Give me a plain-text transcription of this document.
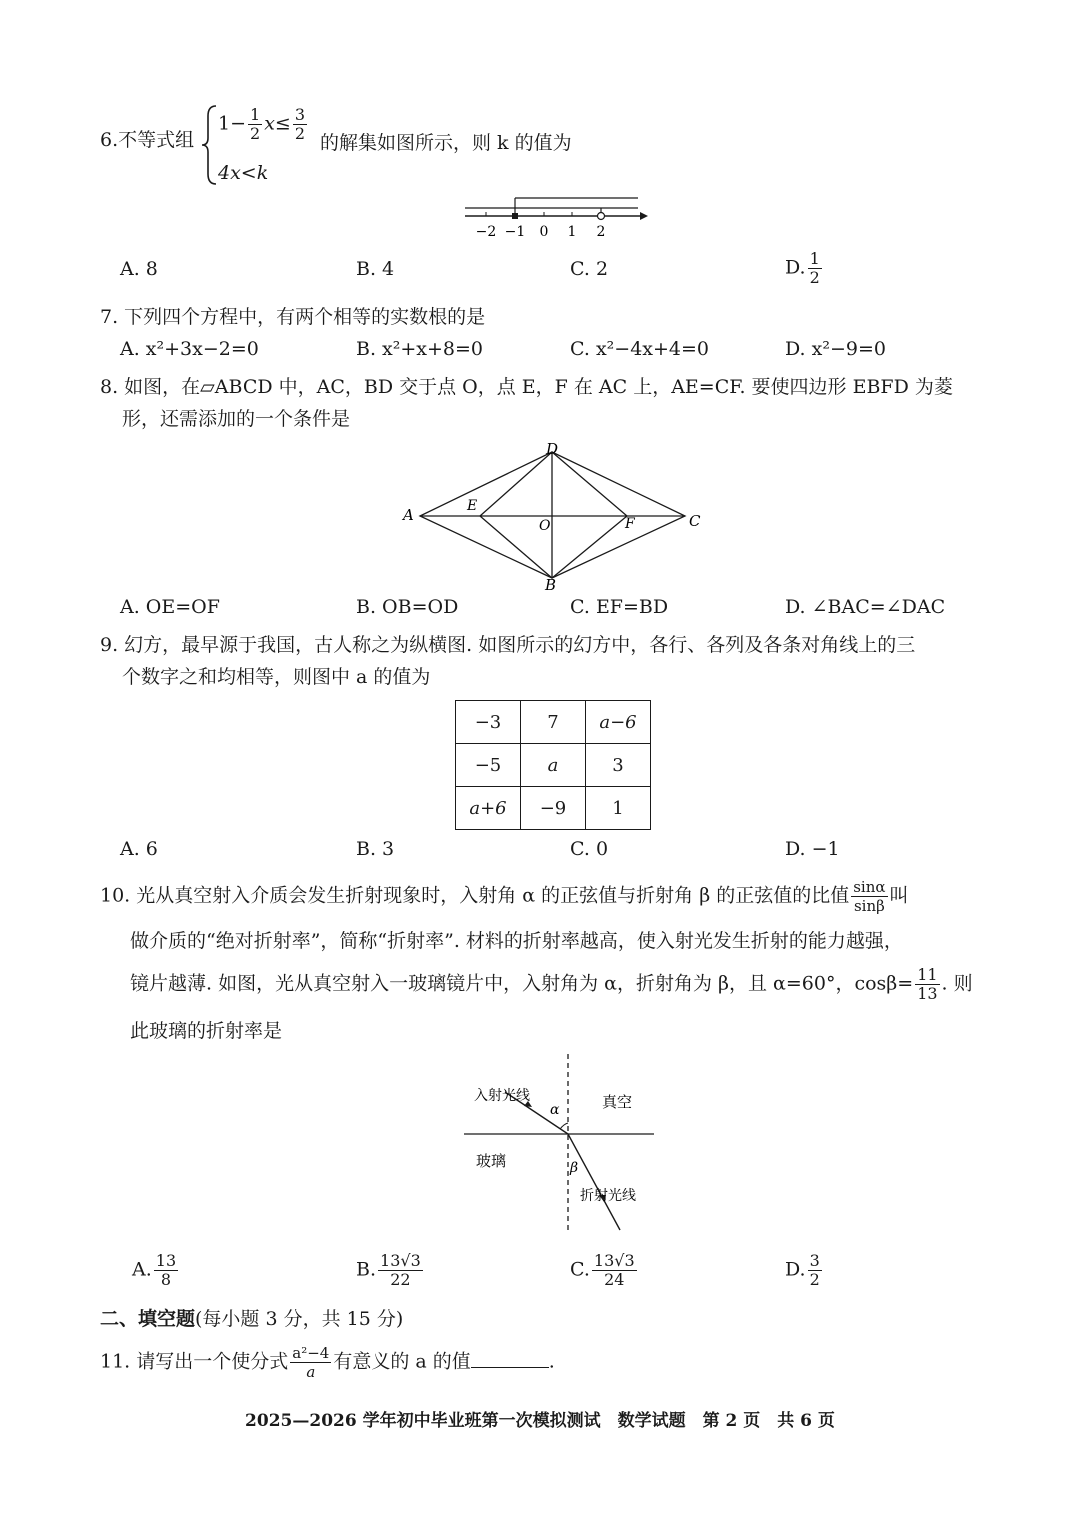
6.不等式组
$1- \frac{1}{2} x\le \frac{3}{2}$ 的解集如图所示，则 k 的值为
4x<k
−2 −1 0 1 2
A. 8	B. 4	C. 2	D. $\frac{1}{2}$
7. 下列四个方程中，有两个相等的实数根的是
A. x²+3x−2=0	B. x²+x+8=0	C. x²−4x+4=0	D. x²−9=0
8. 如图，在▱ABCD 中，AC，BD 交于点 O，点 E，F 在 AC 上，AE=CF. 要使四边形 EBFD 为菱
形，还需添加的一个条件是
A
B
C
D
E
F
O
A. OE=OF	B. OB=OD	C. EF=BD	D. ∠BAC=∠DAC
9. 幻方，最早源于我国，古人称之为纵横图. 如图所示的幻方中，各行、各列及各条对角线上的三
个数字之和均相等，则图中 a 的值为
−3	7	a−6
−5	a	3
a+6	−9	1
A. 6	B. 3	C. 0	D. −1
10. 光从真空射入介质会发生折射现象时，入射角 α 的正弦值与折射角 β 的正弦值的比值 $\frac{\sin\alpha}{\sin\beta}$ 叫
做介质的“绝对折射率”，简称“折射率”. 材料的折射率越高，使入射光发生折射的能力越强，
镜片越薄. 如图，光从真空射入一玻璃镜片中，入射角为 α，折射角为 β，且 α=60°，$\cos\beta= \frac{11}{13}$ . 则
此玻璃的折射率是
入射光线	真空
玻璃
折射光线
α
β
A. $\frac{13}{8}$	B. $\frac{13√3}{22}$	C. $\frac{13√3}{24}$	D. $\frac{3}{2}$
二、填空题(每小题 3 分，共 15 分)
11. 请写出一个使分式 $\frac{\text{a²−4}}{a}$ 有意义的 a 的值	.
2025—2026 学年初中毕业班第一次模拟测试　数学试题　第 2 页　共 6 页
